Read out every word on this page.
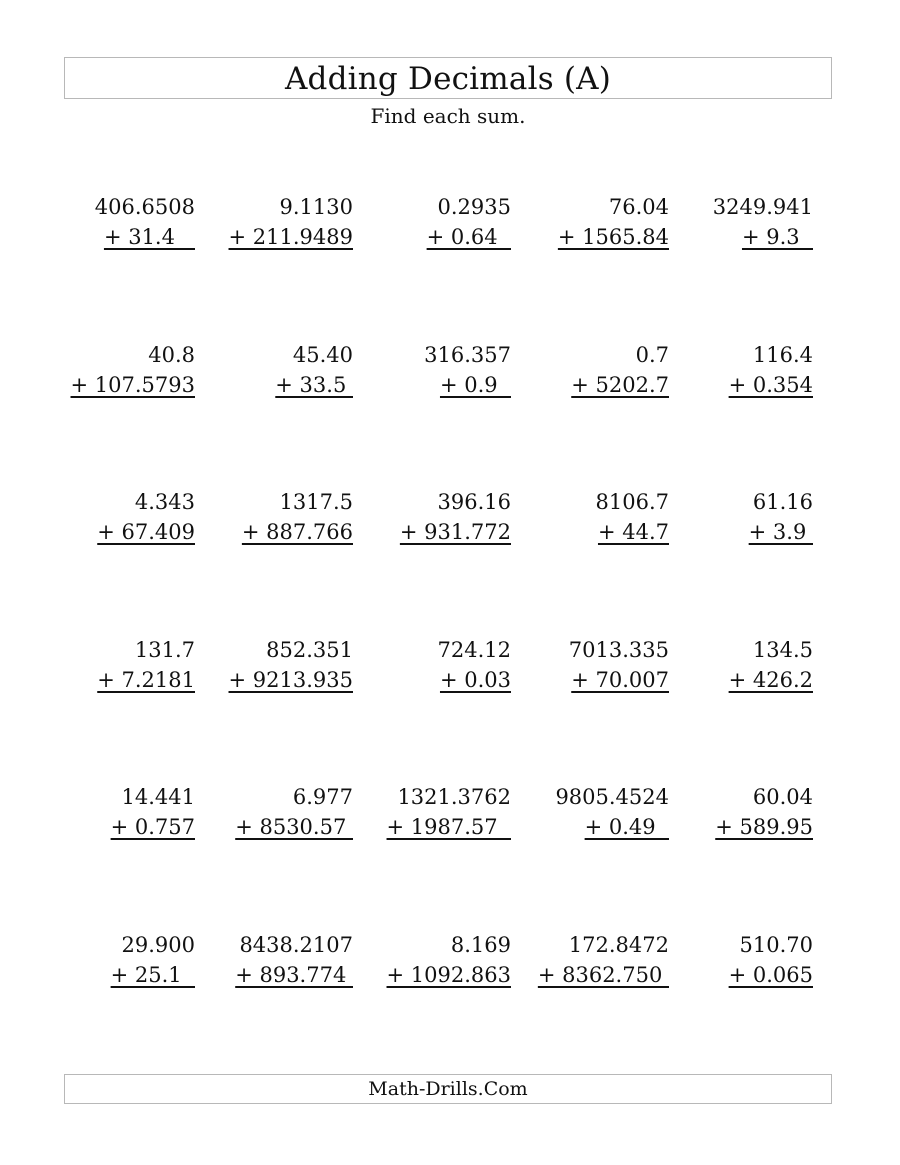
Adding Decimals (A)
Find each sum.
406.6508
+ 31.4
9.1130
+ 211.9489
0.2935
+ 0.64
76.04
+ 1565.84
3249.941
+ 9.3
40.8
+ 107.5793
45.40
+ 33.5
316.357
+ 0.9
0.7
+ 5202.7
116.4
+ 0.354
4.343
+ 67.409
1317.5
+ 887.766
396.16
+ 931.772
8106.7
+ 44.7
61.16
+ 3.9
131.7
+ 7.2181
852.351
+ 9213.935
724.12
+ 0.03
7013.335
+ 70.007
134.5
+ 426.2
14.441
+ 0.757
6.977
+ 8530.57
1321.3762
+ 1987.57
9805.4524
+ 0.49
60.04
+ 589.95
29.900
+ 25.1
8438.2107
+ 893.774
8.169
+ 1092.863
172.8472
+ 8362.750
510.70
+ 0.065
Math-Drills.Com
